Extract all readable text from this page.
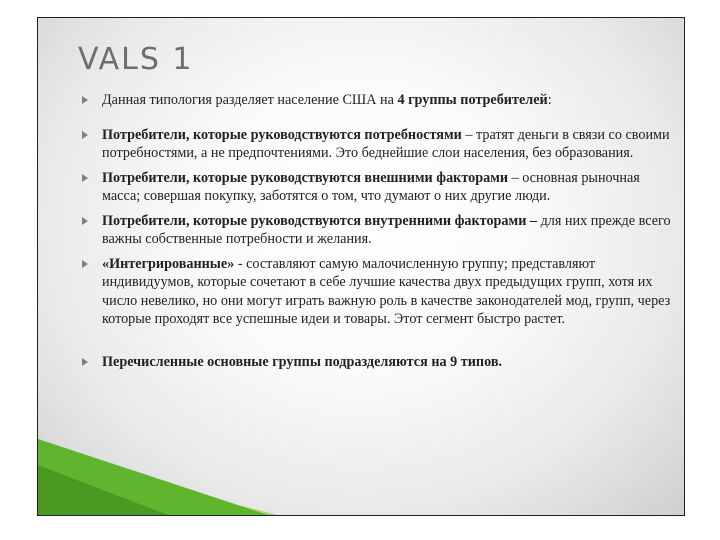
VALS 1
Данная типология разделяет население США на 4 группы потребителей:
Потребители, которые руководствуются потребностями – тратят деньги в связи со своими потребностями, а не предпочтениями. Это беднейшие слои населения, без образования.
Потребители, которые руководствуются внешними факторами – основная рыночная масса; совершая покупку, заботятся о том, что думают о них другие люди.
Потребители, которые руководствуются внутренними факторами – для них прежде всего важны собственные потребности и желания.
«Интегрированные» - составляют самую малочисленную группу; представляют индивидуумов, которые сочетают в себе лучшие качества двух предыдущих групп, хотя их число невелико, но они могут играть важную роль в качестве законодателей мод, групп, через которые проходят все успешные идеи и товары. Этот сегмент быстро растет.
Перечисленные основные группы подразделяются на 9 типов.
